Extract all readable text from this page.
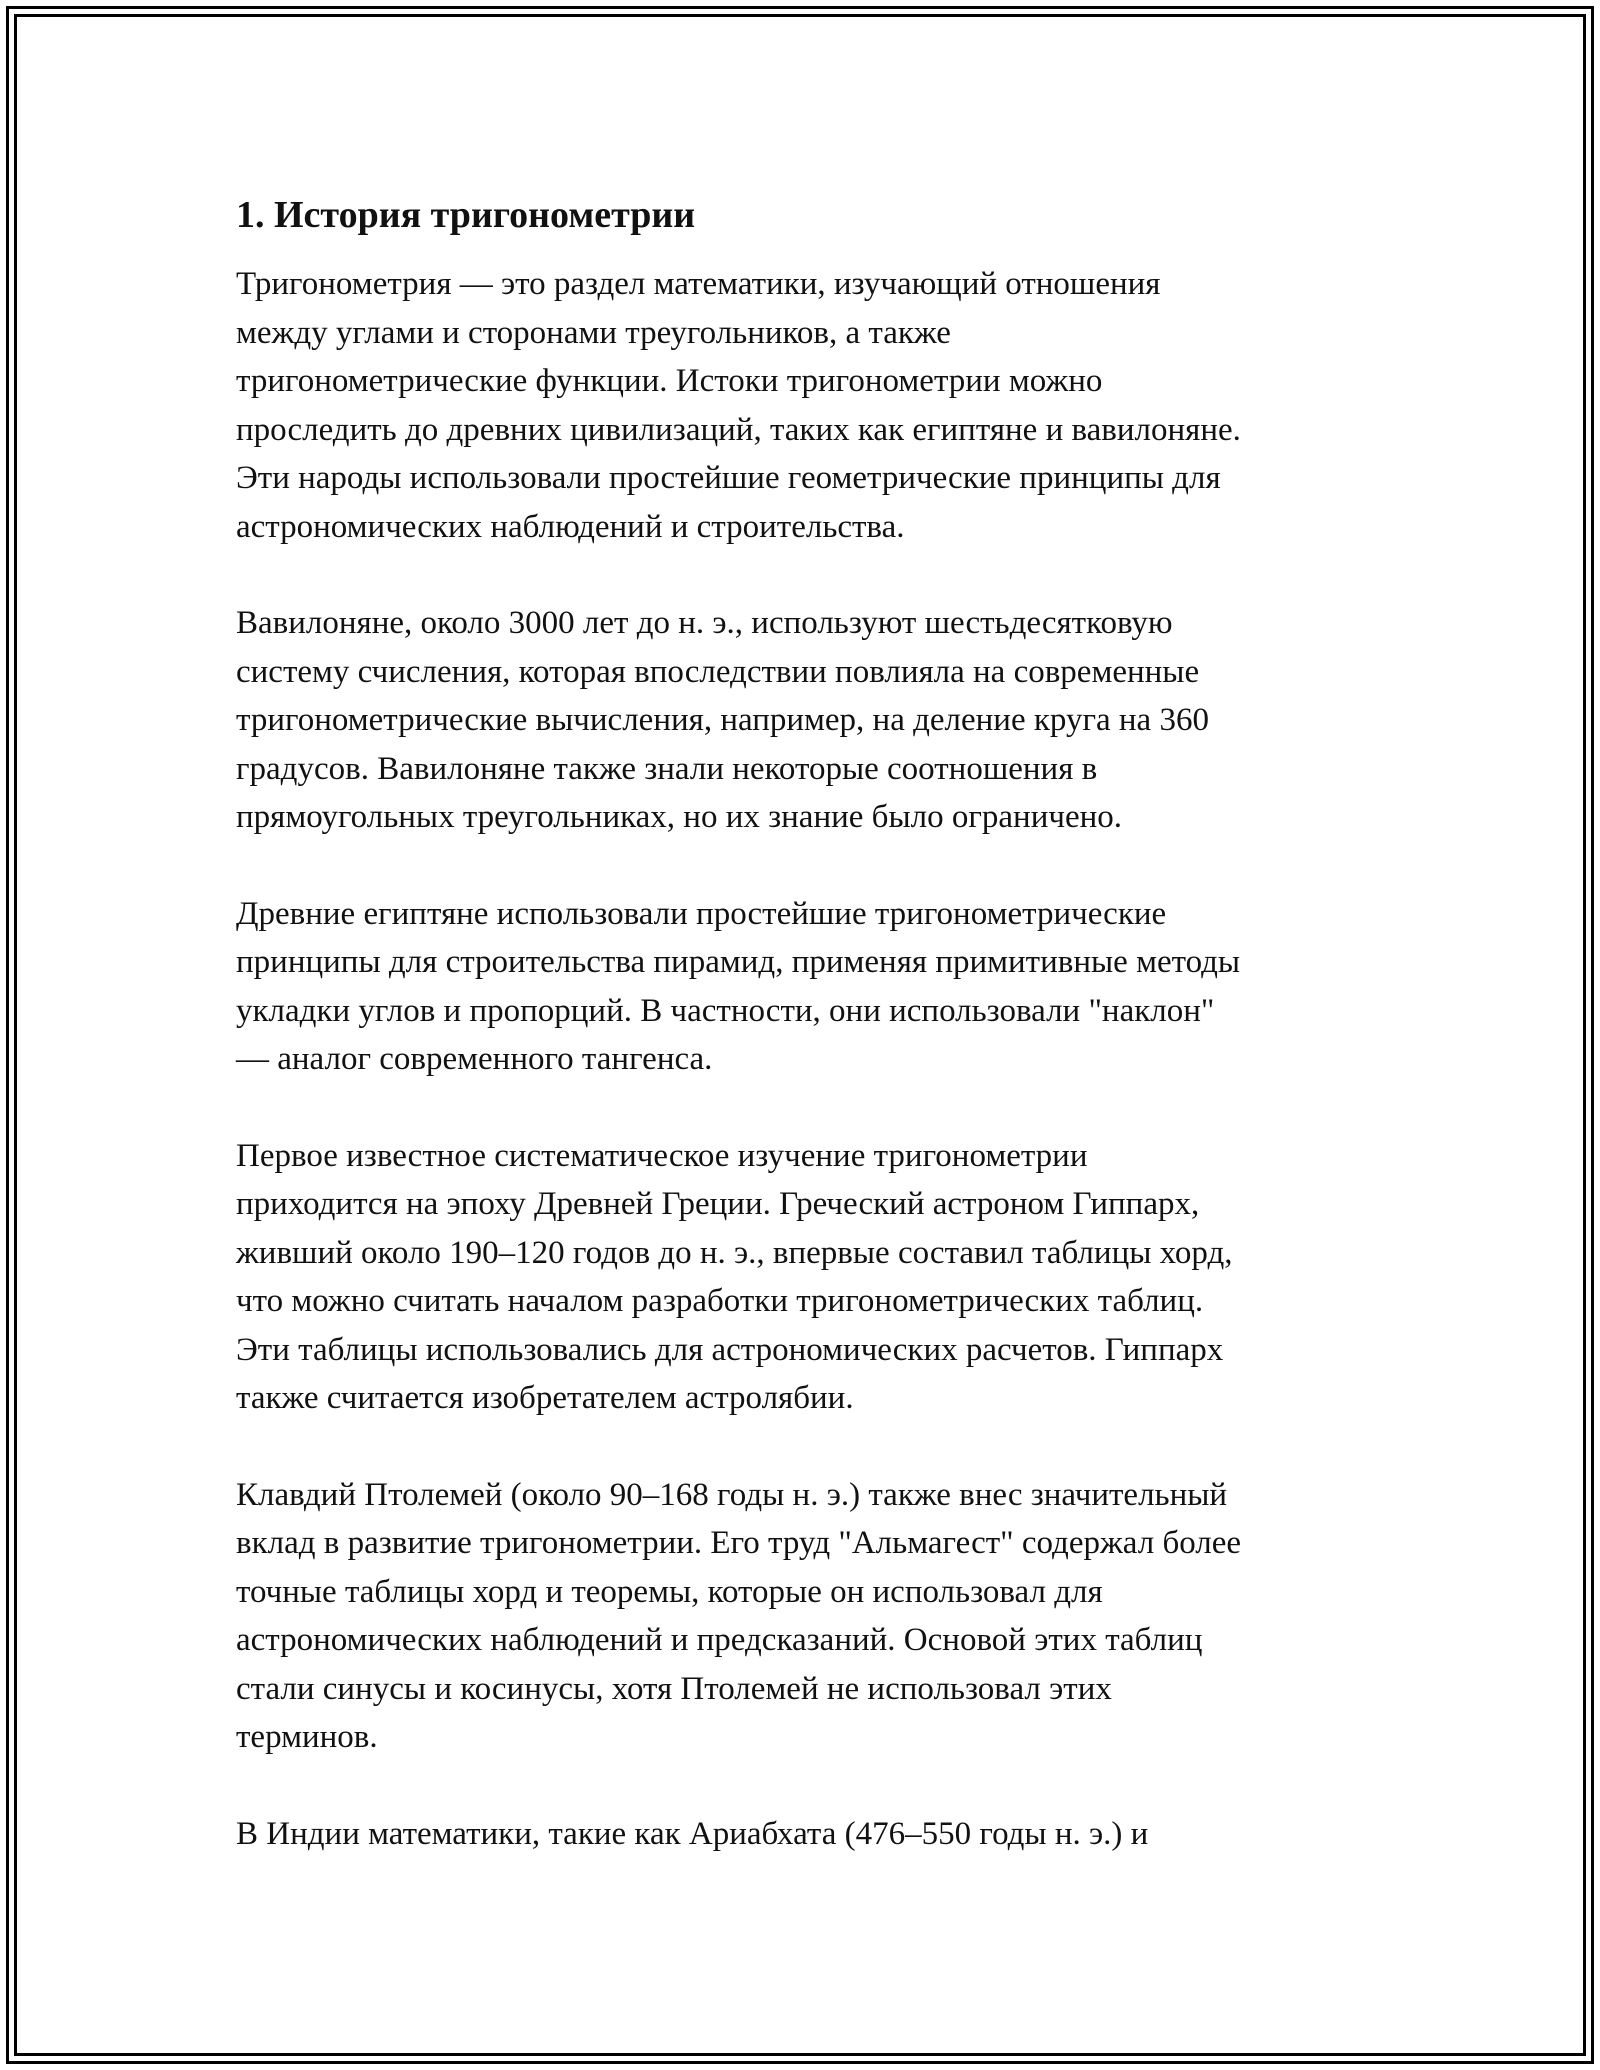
1. История тригонометрии
Тригонометрия — это раздел математики, изучающий отношения
между углами и сторонами треугольников, а также
тригонометрические функции. Истоки тригонометрии можно
проследить до древних цивилизаций, таких как египтяне и вавилоняне.
Эти народы использовали простейшие геометрические принципы для
астрономических наблюдений и строительства.
Вавилоняне, около 3000 лет до н. э., используют шестьдесятковую
систему счисления, которая впоследствии повлияла на современные
тригонометрические вычисления, например, на деление круга на 360
градусов. Вавилоняне также знали некоторые соотношения в
прямоугольных треугольниках, но их знание было ограничено.
Древние египтяне использовали простейшие тригонометрические
принципы для строительства пирамид, применяя примитивные методы
укладки углов и пропорций. В частности, они использовали "наклон"
— аналог современного тангенса.
Первое известное систематическое изучение тригонометрии
приходится на эпоху Древней Греции. Греческий астроном Гиппарх,
живший около 190–120 годов до н. э., впервые составил таблицы хорд,
что можно считать началом разработки тригонометрических таблиц.
Эти таблицы использовались для астрономических расчетов. Гиппарх
также считается изобретателем астролябии.
Клавдий Птолемей (около 90–168 годы н. э.) также внес значительный
вклад в развитие тригонометрии. Его труд "Альмагест" содержал более
точные таблицы хорд и теоремы, которые он использовал для
астрономических наблюдений и предсказаний. Основой этих таблиц
стали синусы и косинусы, хотя Птолемей не использовал этих
терминов.
В Индии математики, такие как Ариабхата (476–550 годы н. э.) и
